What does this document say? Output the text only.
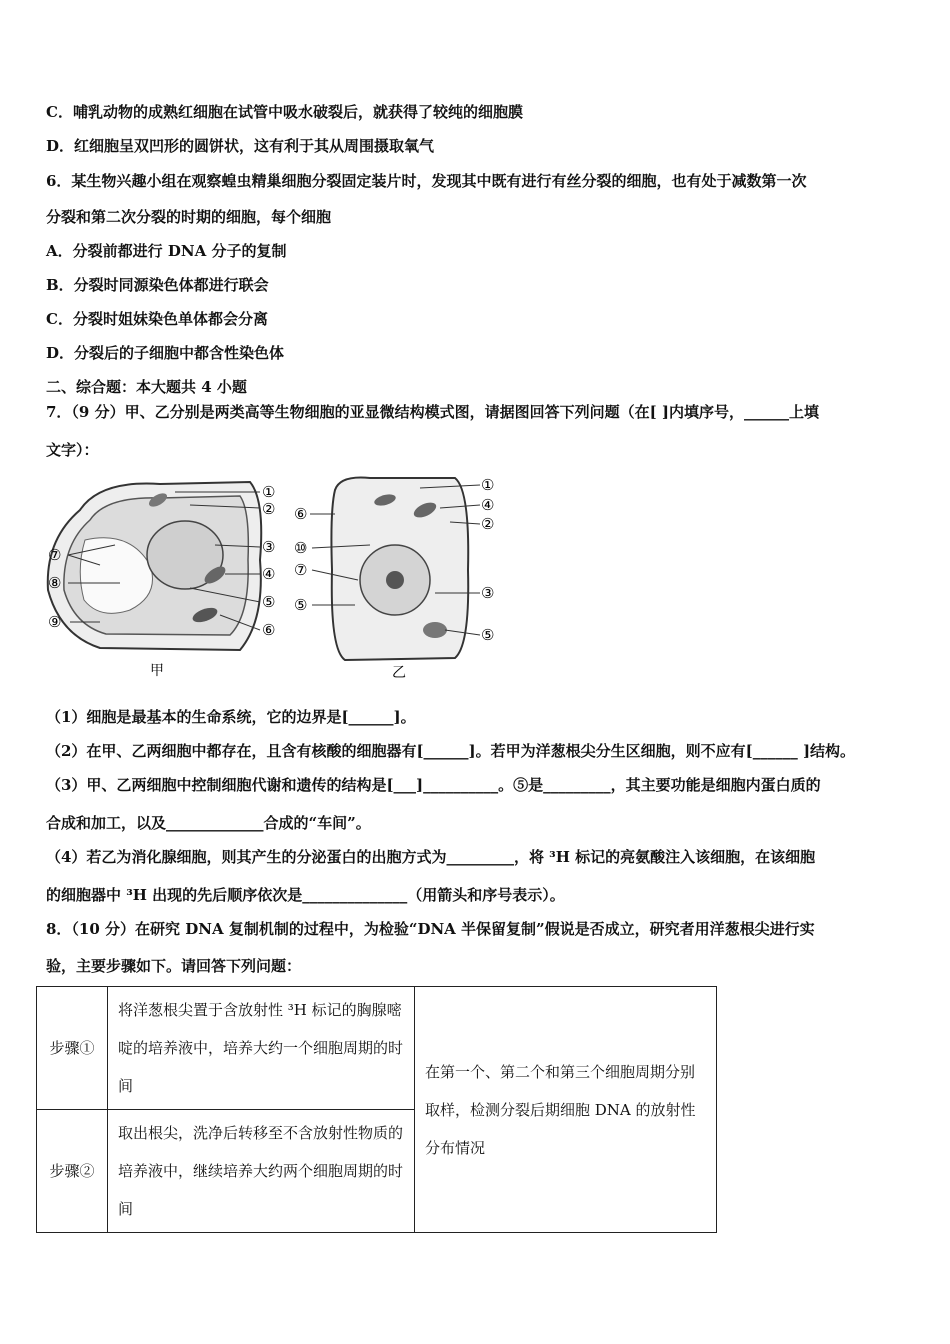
C．哺乳动物的成熟红细胞在试管中吸水破裂后，就获得了较纯的细胞膜
D．红细胞呈双凹形的圆饼状，这有利于其从周围摄取氧气
6．某生物兴趣小组在观察蝗虫精巢细胞分裂固定装片时，发现其中既有进行有丝分裂的细胞，也有处于减数第一次
分裂和第二次分裂的时期的细胞，每个细胞
A．分裂前都进行 DNA 分子的复制
B．分裂时同源染色体都进行联会
C．分裂时姐妹染色单体都会分离
D．分裂后的子细胞中都含性染色体
二、综合题：本大题共 4 小题
7．（9 分）甲、乙分别是两类高等生物细胞的亚显微结构模式图，请据图回答下列问题（在[ ]内填序号，______上填
文字）：
①
②
③
④
⑤
⑥
⑦
⑧
⑨
甲
①
④
②
⑥
⑩
⑦
③
⑤
⑤
乙
（1）细胞是最基本的生命系统，它的边界是[______]。
（2）在甲、乙两细胞中都存在，且含有核酸的细胞器有[______]。若甲为洋葱根尖分生区细胞，则不应有[______ ]结构。
（3）甲、乙两细胞中控制细胞代谢和遗传的结构是[___]__________。⑤是_________，其主要功能是细胞内蛋白质的
合成和加工，以及_____________合成的“车间”。
（4）若乙为消化腺细胞，则其产生的分泌蛋白的出胞方式为_________，将 ³H 标记的亮氨酸注入该细胞，在该细胞
的细胞器中 ³H 出现的先后顺序依次是______________（用箭头和序号表示）。
8．（10 分）在研究 DNA 复制机制的过程中，为检验“DNA 半保留复制”假说是否成立，研究者用洋葱根尖进行实
验，主要步骤如下。请回答下列问题：
步骤①	将洋葱根尖置于含放射性 ³H 标记的胸腺嘧啶的培养液中，培养大约一个细胞周期的时间	在第一个、第二个和第三个细胞周期分别取样，检测分裂后期细胞 DNA 的放射性分布情况
步骤②	取出根尖，洗净后转移至不含放射性物质的培养液中，继续培养大约两个细胞周期的时间	
